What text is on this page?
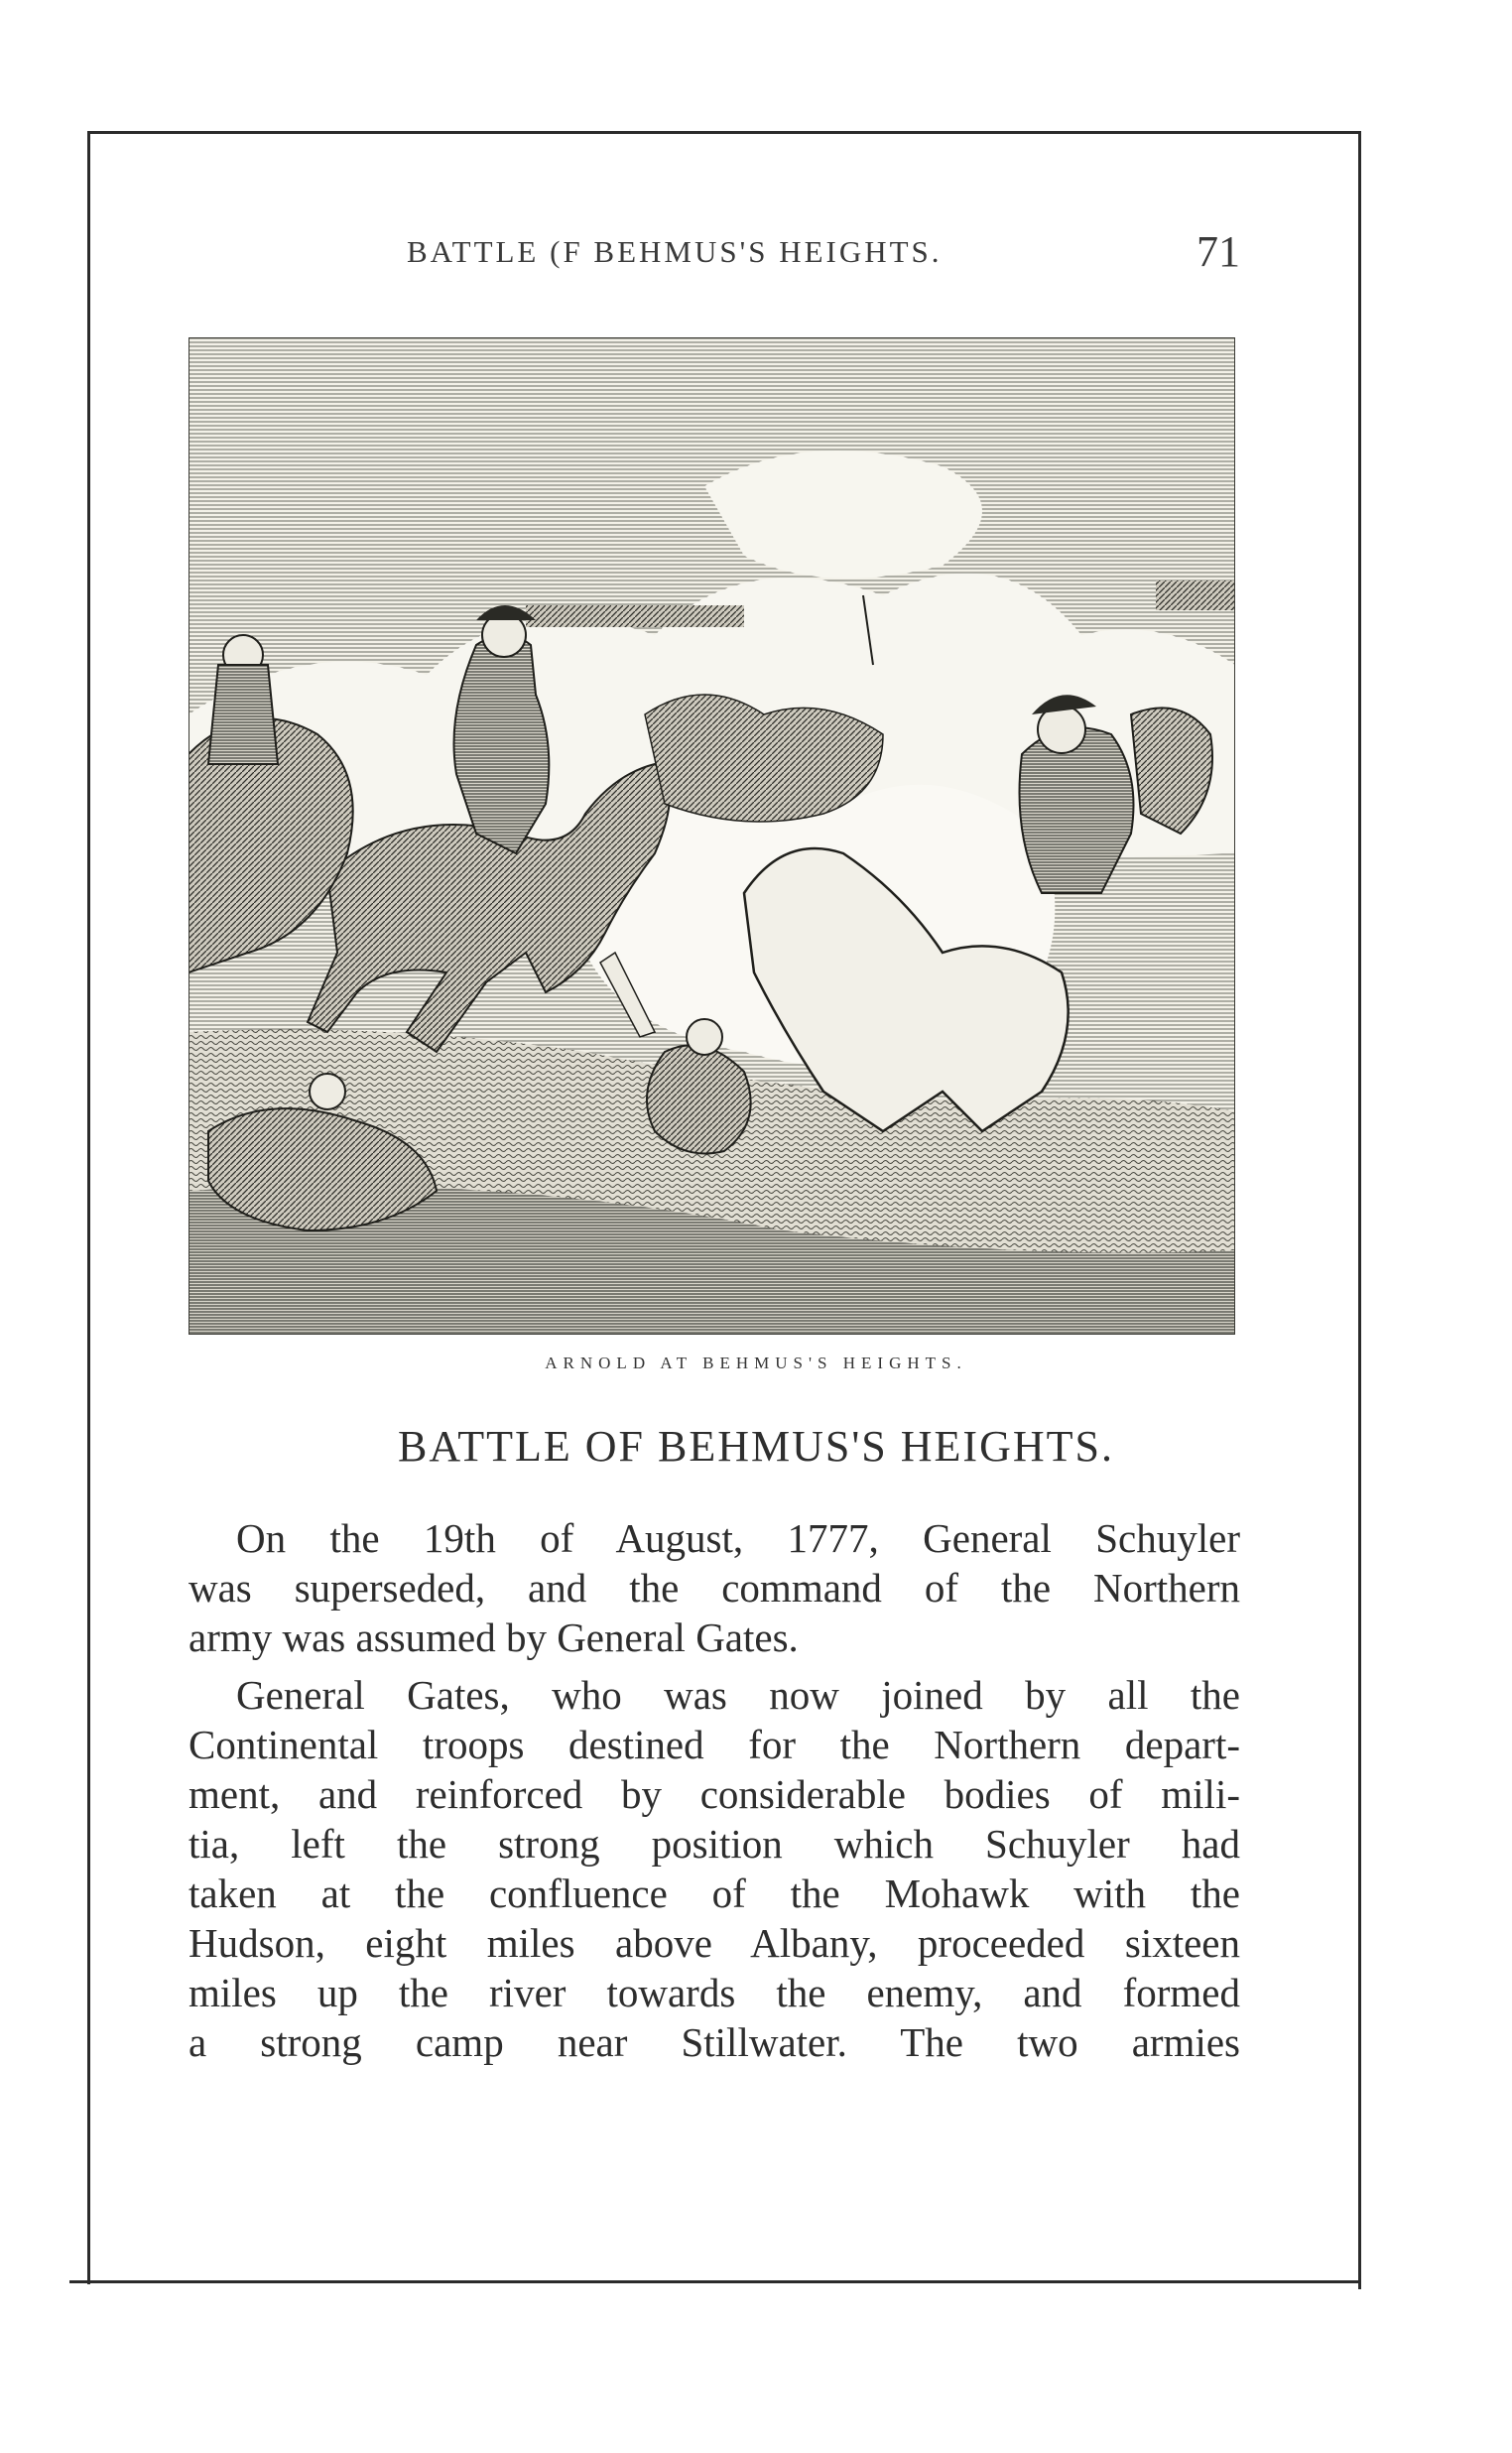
BATTLE (F BEHMUS'S HEIGHTS.	71
ARNOLD AT BEHMUS'S HEIGHTS.
BATTLE OF BEHMUS'S HEIGHTS.
On the 19th of August, 1777, General Schuyler
was superseded, and the command of the Northern
army was assumed by General Gates.
General Gates, who was now joined by all the
Continental troops destined for the Northern depart-
ment, and reinforced by considerable bodies of mili-
tia, left the strong position which Schuyler had
taken at the confluence of the Mohawk with the
Hudson, eight miles above Albany, proceeded sixteen
miles up the river towards the enemy, and formed
a strong camp near Stillwater. The two armies
